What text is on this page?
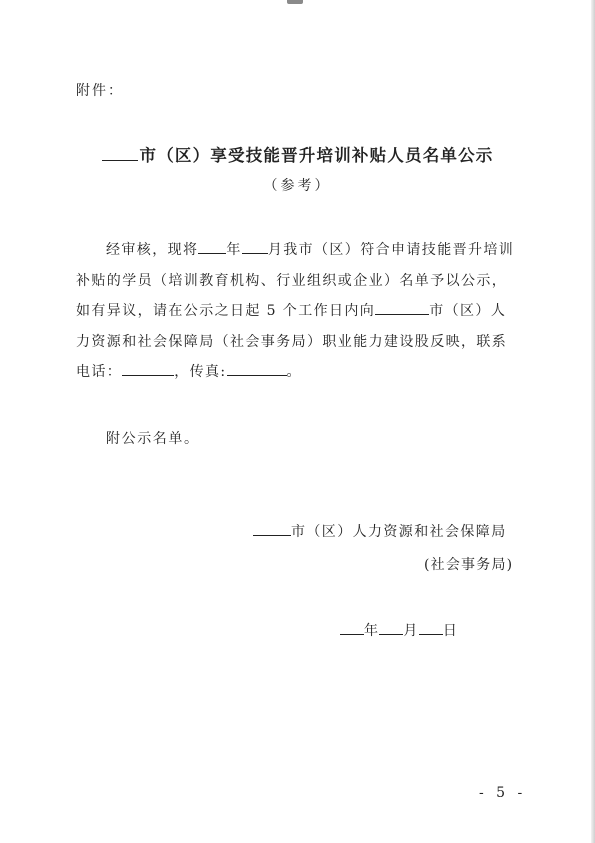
附件：
市（区）享受技能晋升培训补贴人员名单公示
（参考）
经审核，现将 年 月我市（区）符合申请技能晋升培训
补贴的学员（培训教育机构、行业组织或企业）名单予以公示，
如有异议，请在公示之日起 5 个工作日内向	市（区）人
力资源和社会保障局（社会事务局）职业能力建设股反映，联系
电话：	，传真:	。
附公示名单。
市（区）人力资源和社会保障局
(社会事务局)
年 月 日
- 5 -
